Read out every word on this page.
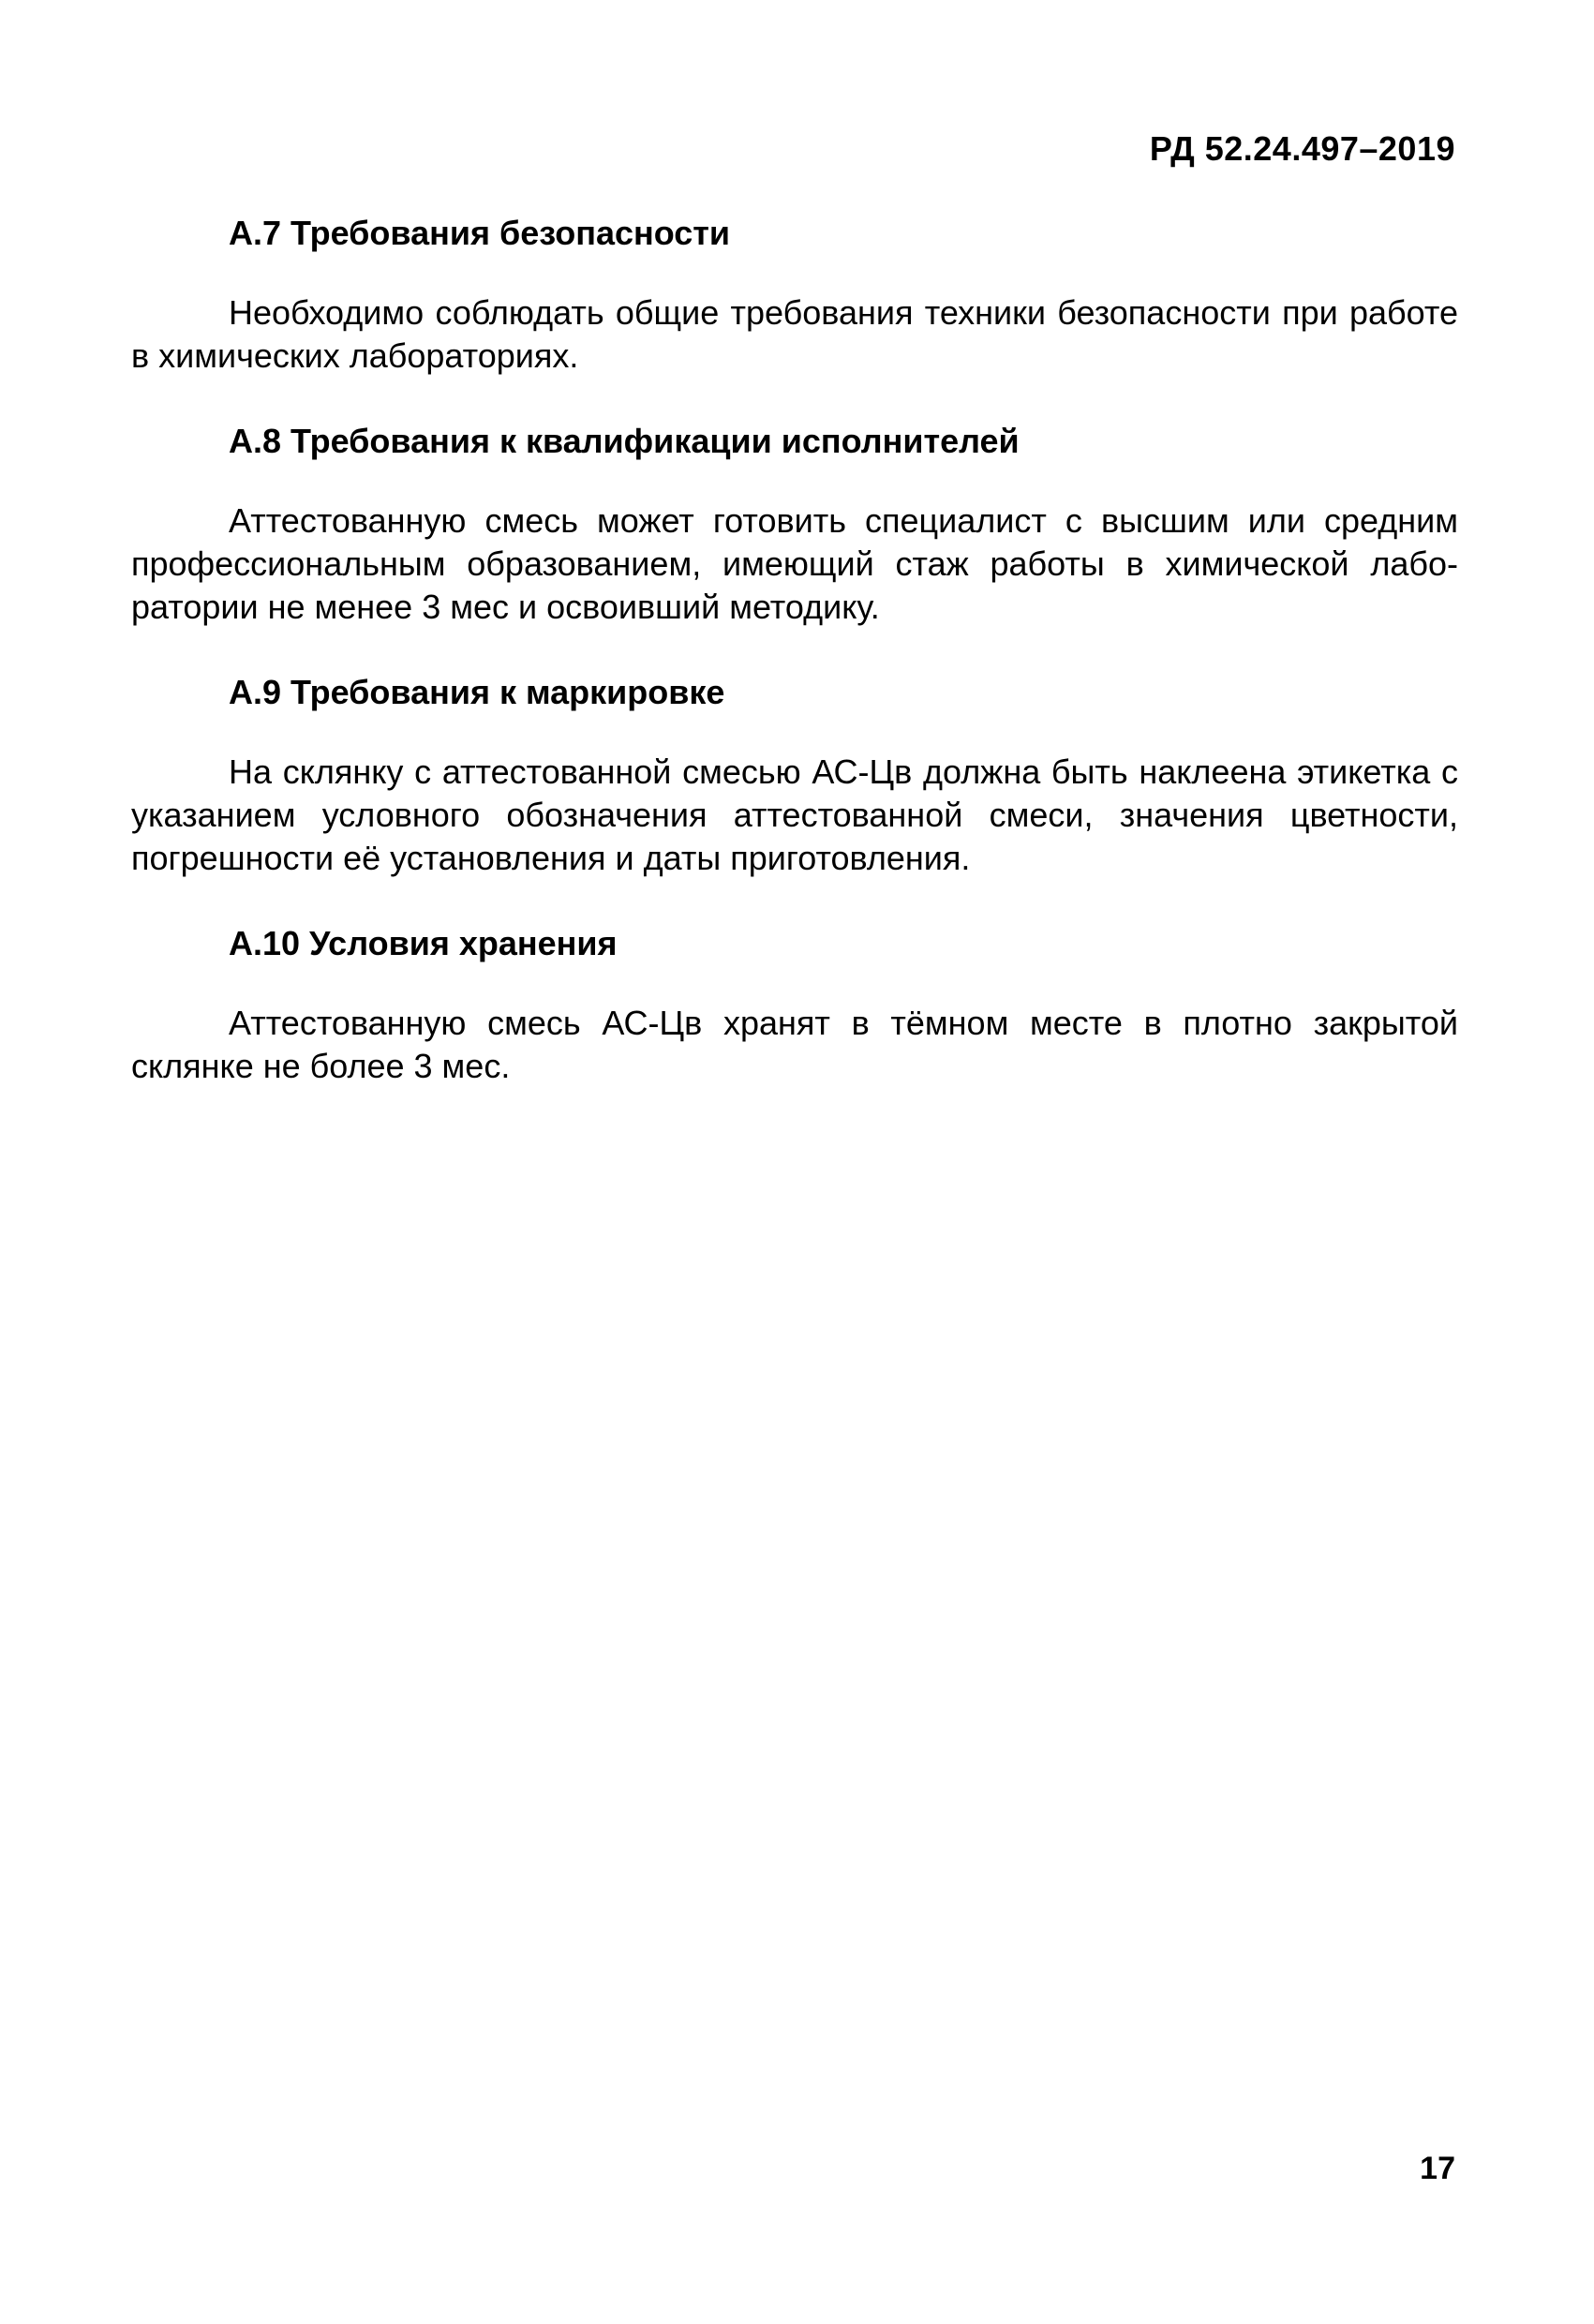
РД 52.24.497–2019

А.7 Требования безопасности

Необходимо соблюдать общие требования техники безопасности при работе в химических лабораториях.

А.8 Требования к квалификации исполнителей

Аттестованную смесь может готовить специалист с высшим или средним профессиональным образованием, имеющий стаж работы в химической лаборатории не менее 3 мес и освоивший методику.

А.9 Требования к маркировке

На склянку с аттестованной смесью АС-Цв должна быть наклеена этикетка с указанием условного обозначения аттестованной смеси, значения цветности, погрешности её установления и даты приготовления.

А.10 Условия хранения

Аттестованную смесь АС-Цв хранят в тёмном месте в плотно закрытой склянке не более 3 мес.

17
